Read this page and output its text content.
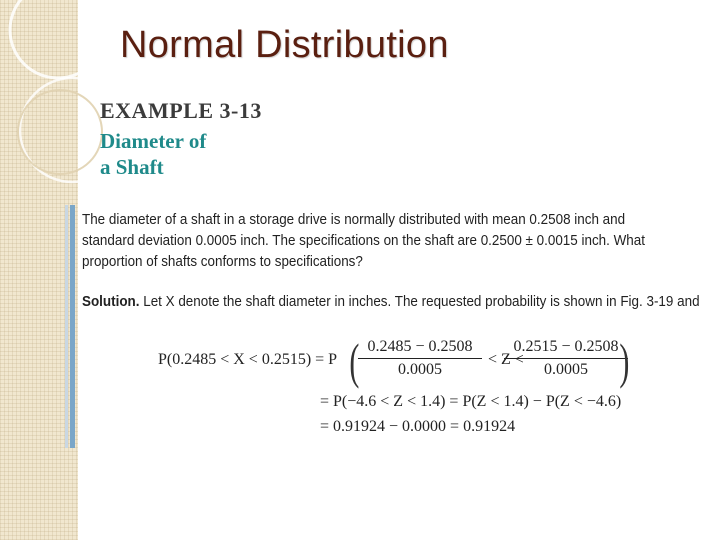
Normal Distribution
EXAMPLE 3-13
Diameter of
a Shaft
The diameter of a shaft in a storage drive is normally distributed with mean 0.2508 inch and standard deviation 0.0005 inch. The specifications on the shaft are 0.2500 ± 0.0015 inch. What proportion of shafts conforms to specifications?
Solution. Let X denote the shaft diameter in inches. The requested probability is shown in Fig. 3-19 and
P(0.2485 < X < 0.2515) = P (
$\frac{0.2485 - 0.2508}{0.0005} < Z$ <
$\frac{0.2515 - 0.2508}{0.0005}$
)
= P(−4.6 < Z < 1.4) = P(Z < 1.4) − P(Z < −4.6)
= 0.91924 − 0.0000 = 0.91924
